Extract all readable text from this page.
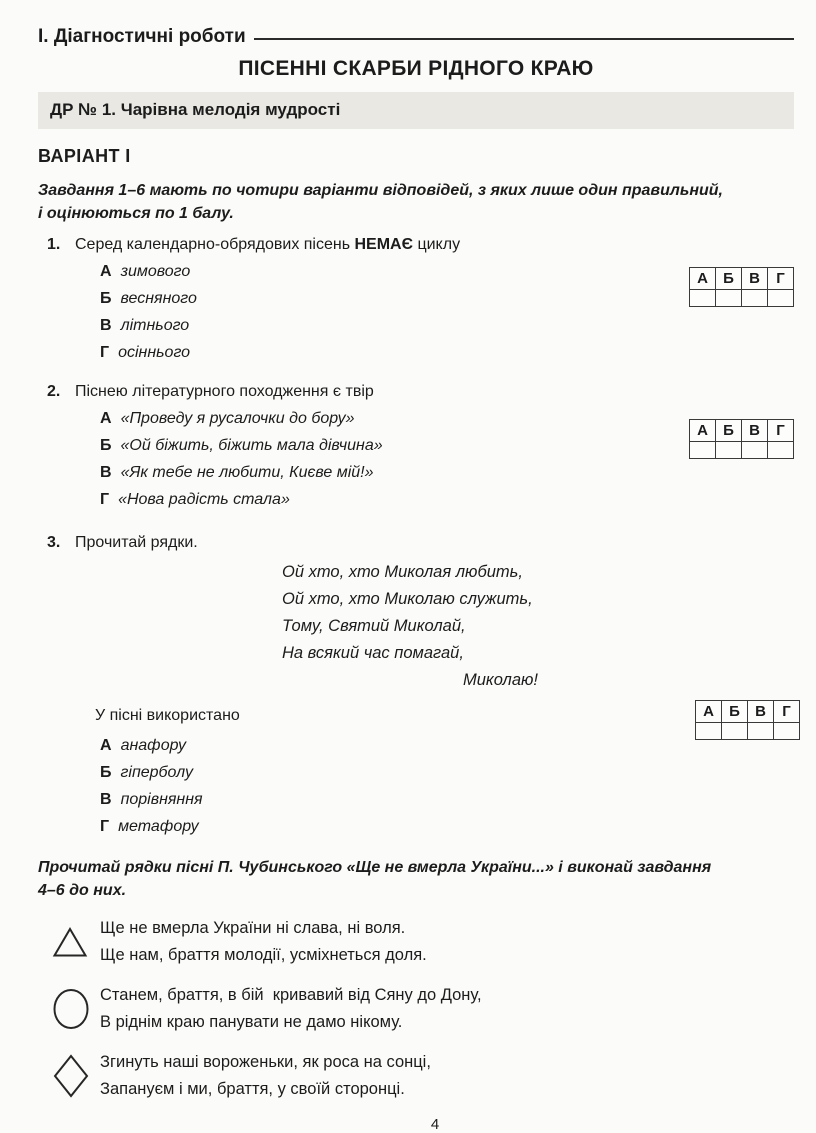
І. Діагностичні роботи
ПІСЕННІ СКАРБИ РІДНОГО КРАЮ
ДР № 1. Чарівна мелодія мудрості
ВАРІАНТ І
Завдання 1–6 мають по чотири варіанти відповідей, з яких лише один правильний,
і оцінюються по 1 балу.
1. Серед календарно-обрядових пісень НЕМАЄ циклу
А зимового
Б весняного
В літнього
Г осіннього
А	Б	В	Г

2. Піснею літературного походження є твір
А «Проведу я русалочки до бору»
Б «Ой біжить, біжить мала дівчина»
В «Як тебе не любити, Києве мій!»
Г «Нова радість стала»
А	Б	В	Г

3. Прочитай рядки.
Ой хто, хто Миколая любить,
Ой хто, хто Миколаю служить,
Тому, Святий Миколай,
На всякий час помагай,
Миколаю!
У пісні використано
А анафору
Б гіперболу
В порівняння
Г метафору
А	Б	В	Г

Прочитай рядки пісні П. Чубинського «Ще не вмерла України...» і виконай завдання
4–6 до них.
Ще не вмерла України ні слава, ні воля.
Ще нам, браття молодії, усміхнеться доля.
Станем, браття, в бій  кривавий від Сяну до Дону,
В ріднім краю панувати не дамо нікому.
Згинуть наші вороженьки, як роса на сонці,
Запануєм і ми, браття, у своїй сторонці.
4
